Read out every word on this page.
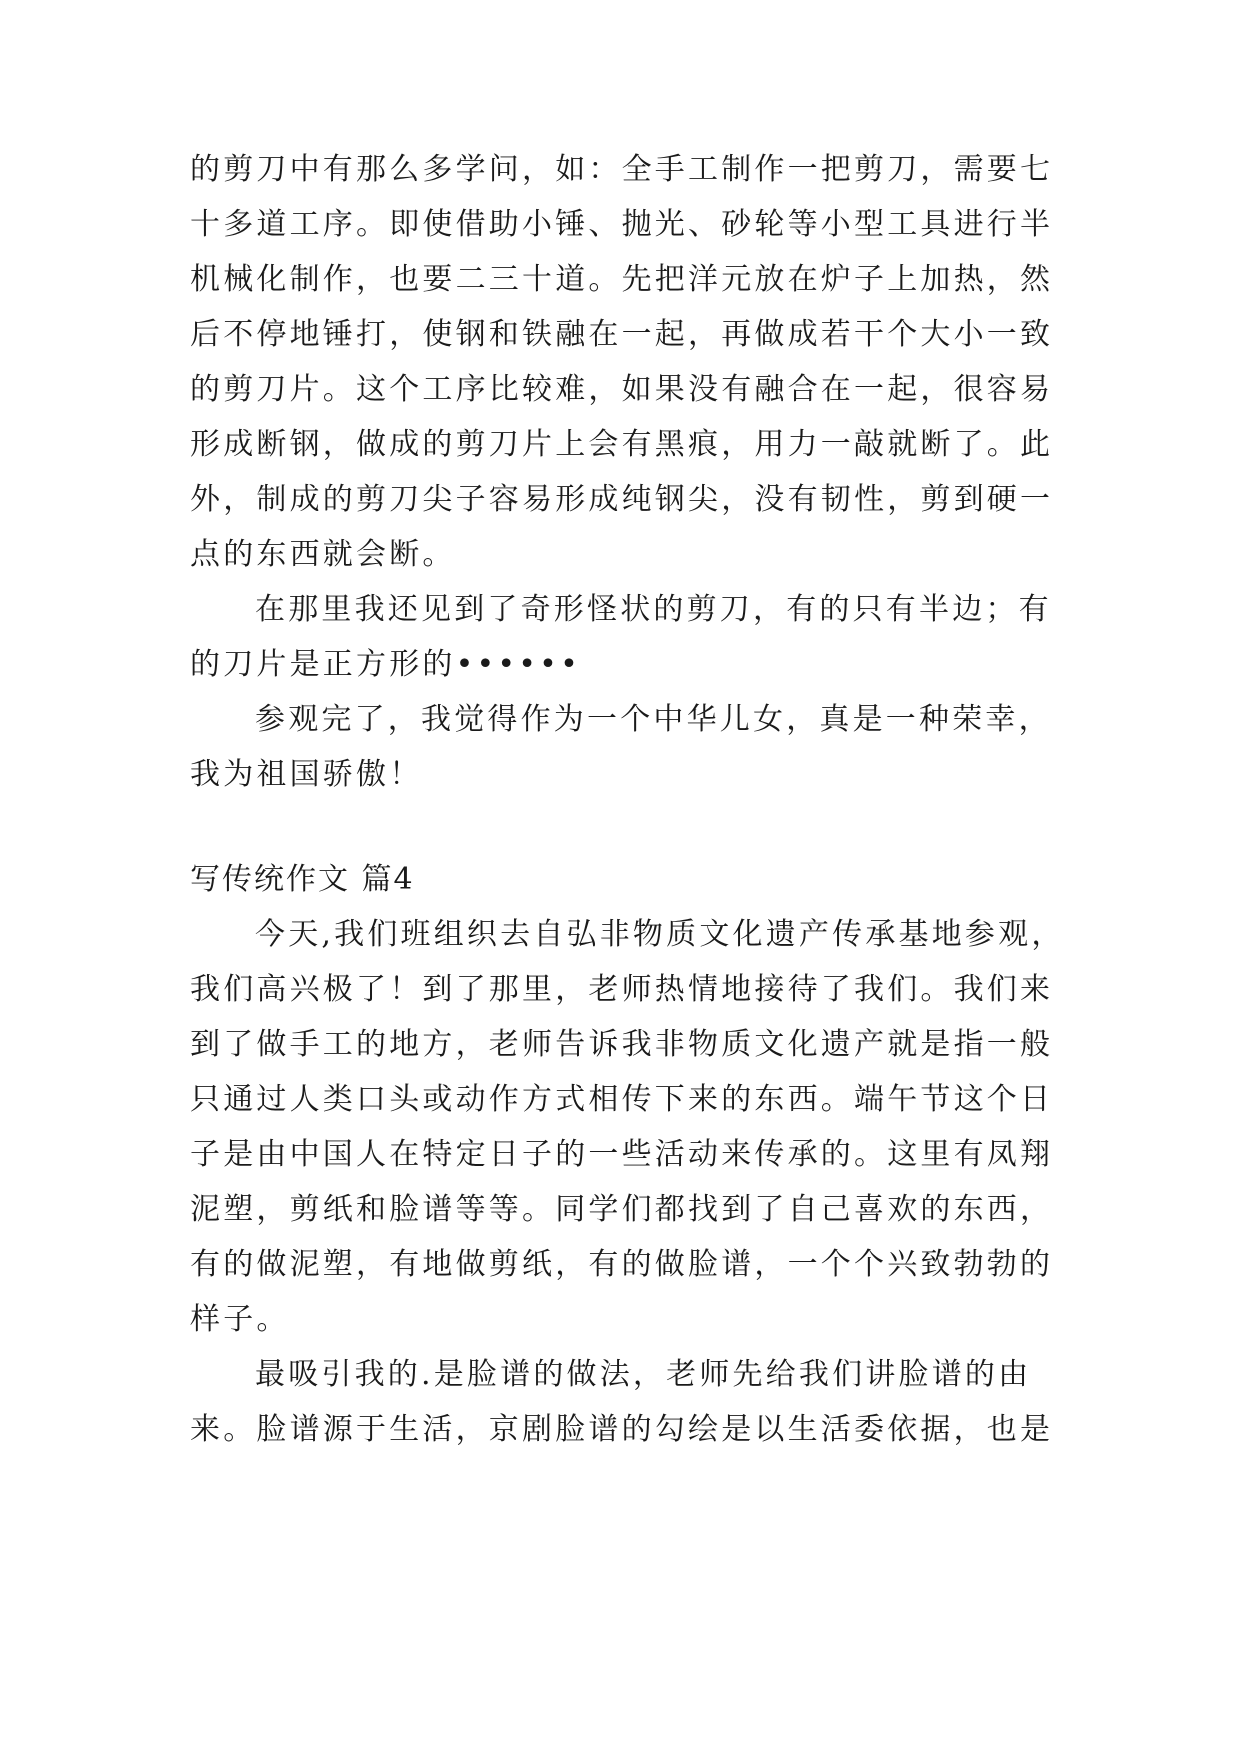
的剪刀中有那么多学问，如：全手工制作一把剪刀，需要七
十多道工序。即使借助小锤、抛光、砂轮等小型工具进行半
机械化制作，也要二三十道。先把洋元放在炉子上加热，然
后不停地锤打，使钢和铁融在一起，再做成若干个大小一致
的剪刀片。这个工序比较难，如果没有融合在一起，很容易
形成断钢，做成的剪刀片上会有黑痕，用力一敲就断了。此
外，制成的剪刀尖子容易形成纯钢尖，没有韧性，剪到硬一
点的东西就会断。
在那里我还见到了奇形怪状的剪刀，有的只有半边；有
的刀片是正方形的••••••
参观完了，我觉得作为一个中华儿女，真是一种荣幸，
我为祖国骄傲！
写传统作文 篇4
今天,我们班组织去自弘非物质文化遗产传承基地参观，
我们高兴极了！到了那里，老师热情地接待了我们。我们来
到了做手工的地方，老师告诉我非物质文化遗产就是指一般
只通过人类口头或动作方式相传下来的东西。端午节这个日
子是由中国人在特定日子的一些活动来传承的。这里有凤翔
泥塑，剪纸和脸谱等等。同学们都找到了自己喜欢的东西，
有的做泥塑，有地做剪纸，有的做脸谱，一个个兴致勃勃的
样子。
最吸引我的.是脸谱的做法，老师先给我们讲脸谱的由
来。脸谱源于生活，京剧脸谱的勾绘是以生活委依据，也是
